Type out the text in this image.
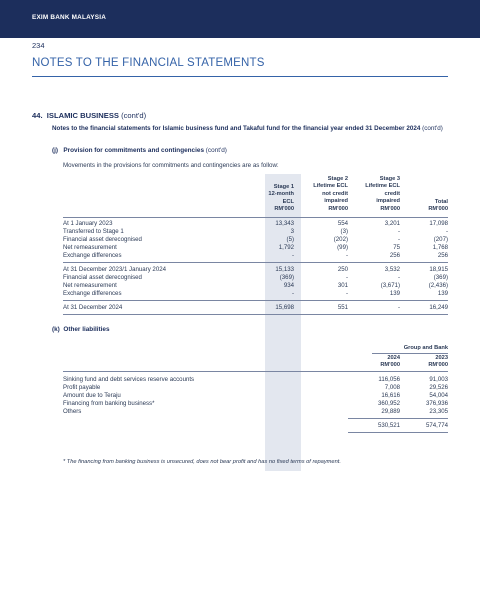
EXIM BANK MALAYSIA
234
NOTES TO THE FINANCIAL STATEMENTS
44. ISLAMIC BUSINESS (cont'd)
Notes to the financial statements for Islamic business fund and Takaful fund for the financial year ended 31 December 2024 (cont'd)
(j) Provision for commitments and contingencies (cont'd)
Movements in the provisions for commitments and contingencies are as follow:
Stage 1
12-month
ECL
RM'000
Stage 2
Lifetime ECL
not credit
impaired
RM'000
Stage 3
Lifetime ECL
credit
impaired
RM'000
Total
RM'000
At 1 January 2023	13,343	554	3,201	17,098
Transferred to Stage 1	3	(3)	-	-
Financial asset derecognised	(5)	(202)	-	(207)
Net remeasurement	1,792	(99)	75	1,768
Exchange differences	-	-	256	256
At 31 December 2023/1 January 2024	15,133	250	3,532	18,915
Financial asset derecognised	(369)	-	-	(369)
Net remeasurement	934	301	(3,671)	(2,436)
Exchange differences	-	-	139	139
At 31 December 2024	15,698	551	-	16,249
(k) Other liabilities
Group and Bank
2024
RM'000
2023
RM'000
Sinking fund and debt services reserve accounts	116,056	91,003
Profit payable	7,008	29,526
Amount due to Teraju	16,616	54,004
Financing from banking business*	360,952	376,936
Others	29,889	23,305
530,521	574,774
* The financing from banking business is unsecured, does not bear profit and has no fixed terms of repayment.
